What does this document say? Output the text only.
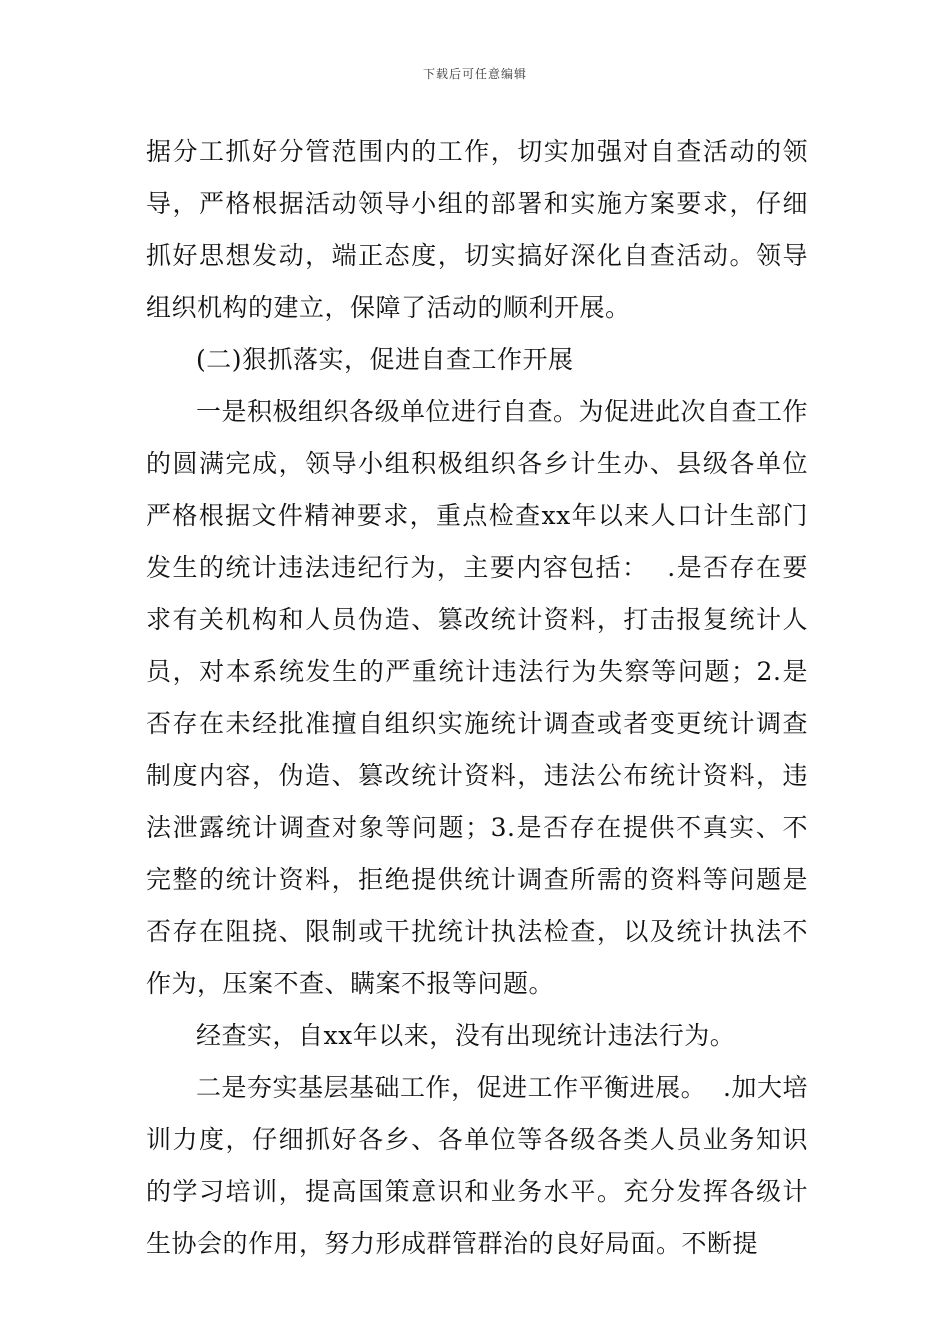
下载后可任意编辑

据分工抓好分管范围内的工作，切实加强对自查活动的领导，严格根据活动领导小组的部署和实施方案要求，仔细抓好思想发动，端正态度，切实搞好深化自查活动。领导组织机构的建立，保障了活动的顺利开展。

(二)狠抓落实，促进自查工作开展

一是积极组织各级单位进行自查。为促进此次自查工作的圆满完成，领导小组积极组织各乡计生办、县级各单位严格根据文件精神要求，重点检查xx年以来人口计生部门发生的统计违法违纪行为，主要内容包括：  .是否存在要求有关机构和人员伪造、篡改统计资料，打击报复统计人员，对本系统发生的严重统计违法行为失察等问题；2.是否存在未经批准擅自组织实施统计调查或者变更统计调查制度内容，伪造、篡改统计资料，违法公布统计资料，违法泄露统计调查对象等问题；3.是否存在提供不真实、不完整的统计资料，拒绝提供统计调查所需的资料等问题是否存在阻挠、限制或干扰统计执法检查，以及统计执法不作为，压案不查、瞒案不报等问题。

经查实，自xx年以来，没有出现统计违法行为。

二是夯实基层基础工作，促进工作平衡进展。  .加大培训力度，仔细抓好各乡、各单位等各级各类人员业务知识的学习培训，提高国策意识和业务水平。充分发挥各级计生协会的作用，努力形成群管群治的良好局面。不断提
